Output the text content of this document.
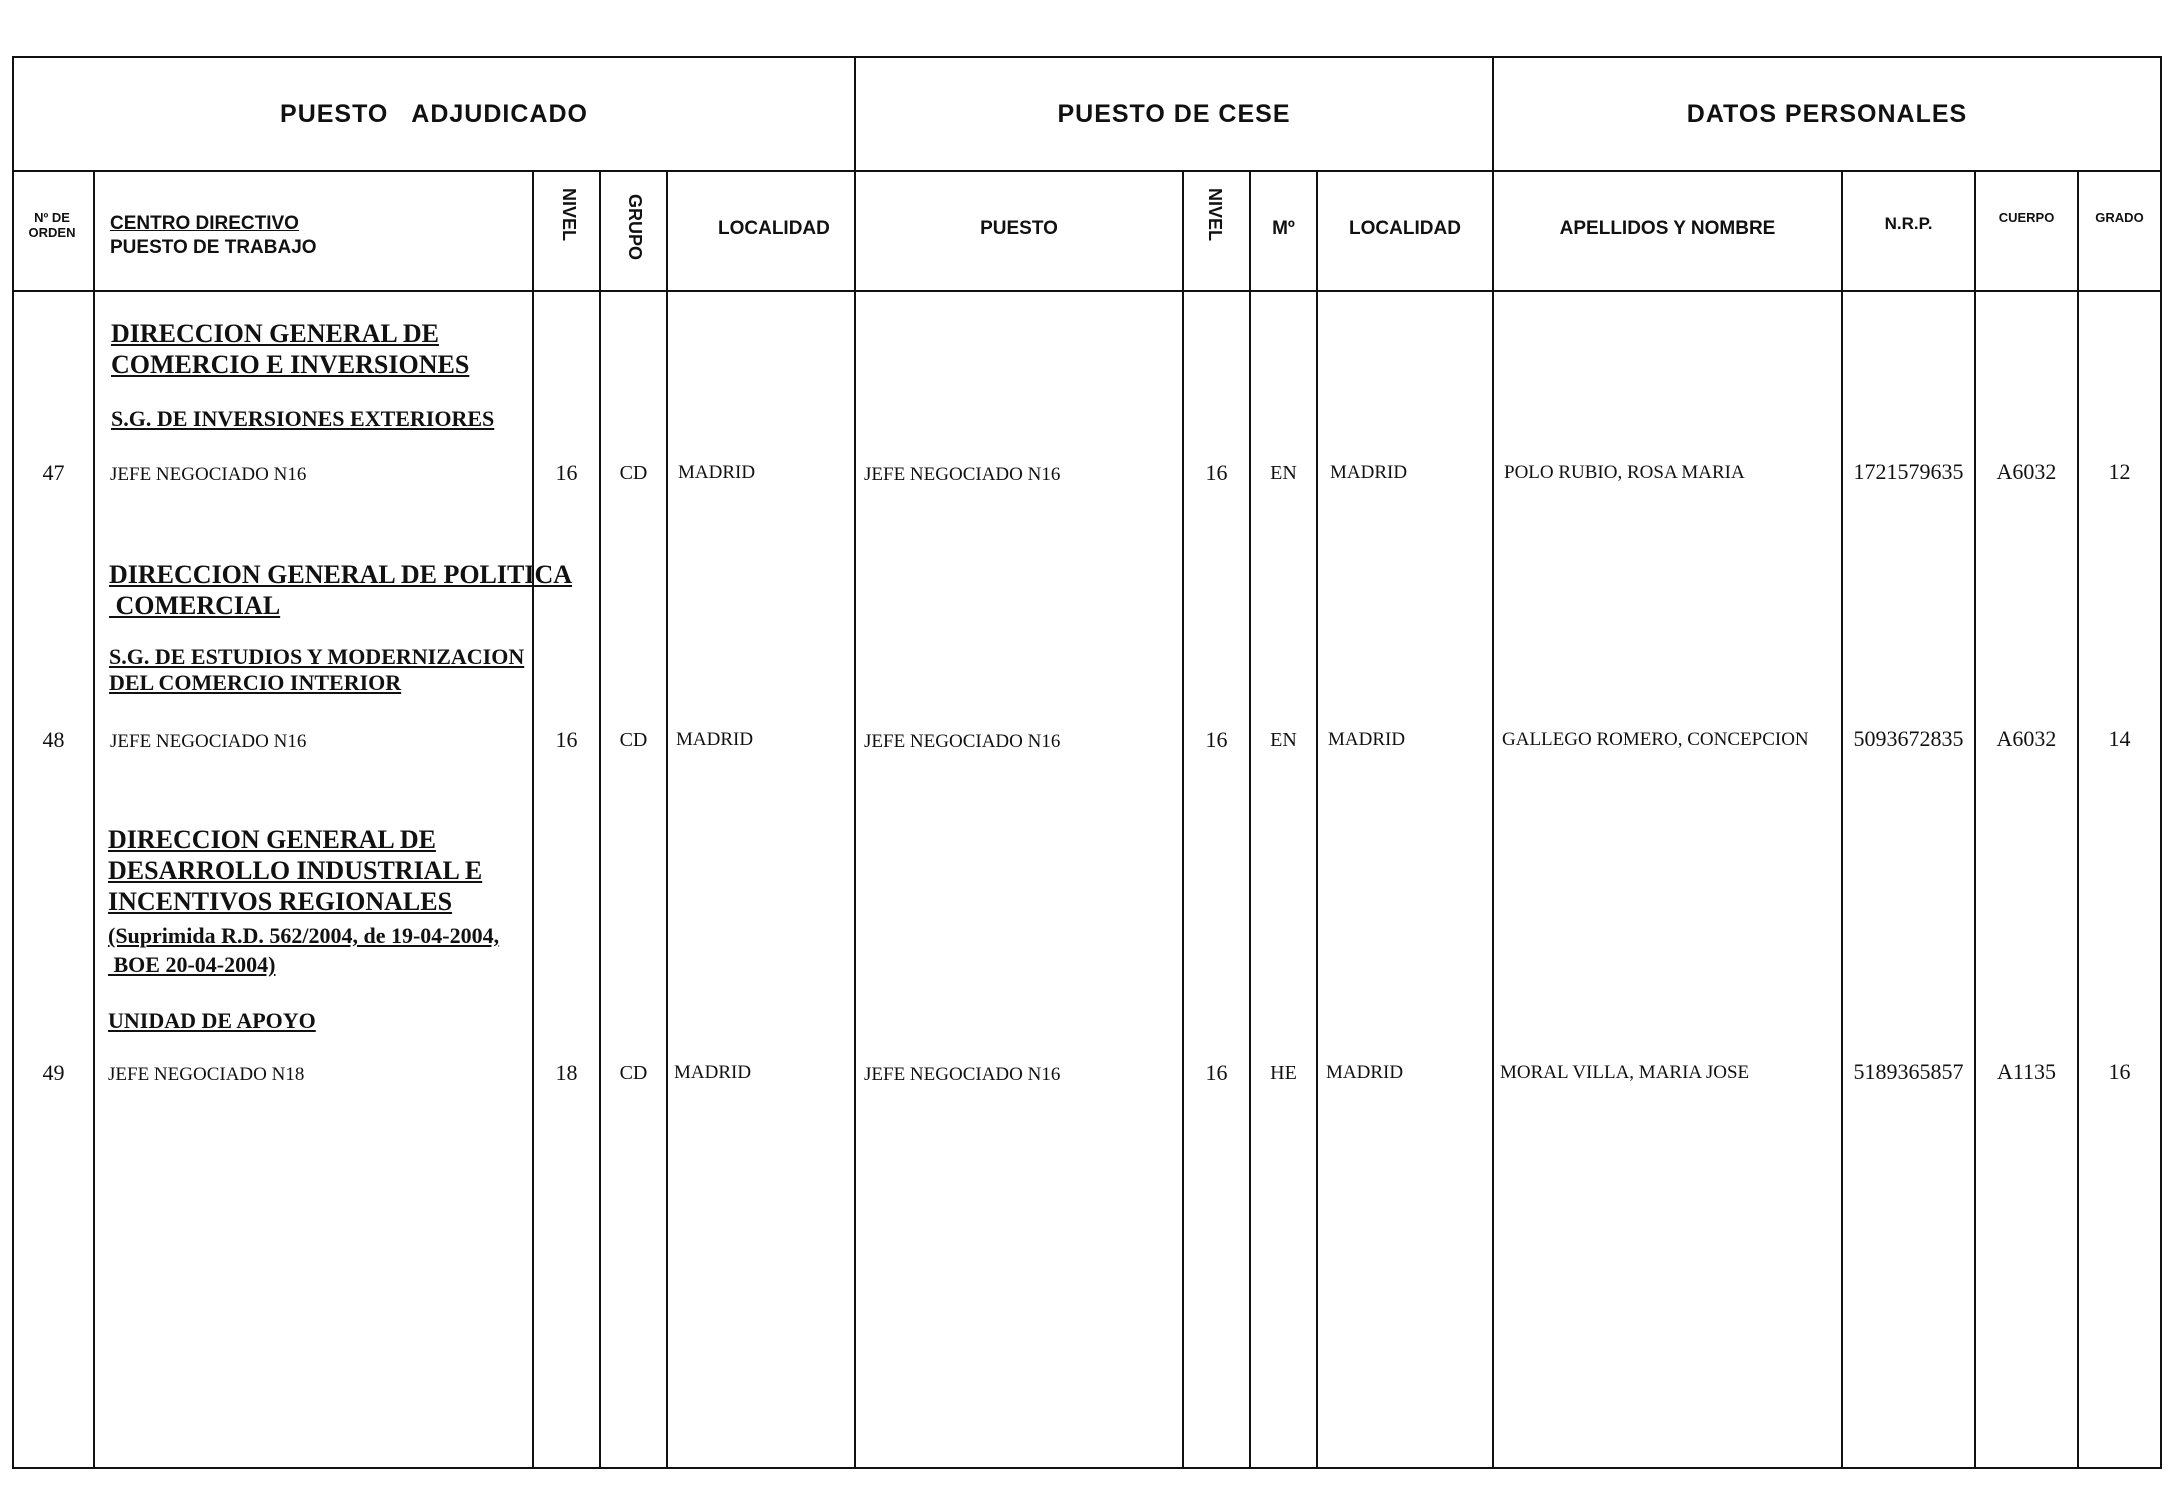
PUESTO   ADJUDICADO	PUESTO DE CESE	DATOS PERSONALES
Nº DE ORDEN	CENTRO DIRECTIVO
PUESTO DE TRABAJO
NIVEL	GRUPO	LOCALIDAD	PUESTO	NIVEL	Mº	LOCALIDAD	APELLIDOS Y NOMBRE	N.R.P.	CUERPO	GRADO
DIRECCION GENERAL DE
COMERCIO E INVERSIONES
S.G. DE INVERSIONES EXTERIORES
47	JEFE NEGOCIADO N16	16	CD	MADRID	JEFE NEGOCIADO N16	16	EN	MADRID	POLO RUBIO, ROSA MARIA	1721579635	A6032	12
DIRECCION GENERAL DE POLITICA
COMERCIAL
S.G. DE ESTUDIOS Y MODERNIZACION
DEL COMERCIO INTERIOR
48	JEFE NEGOCIADO N16	16	CD	MADRID	JEFE NEGOCIADO N16	16	EN	MADRID	GALLEGO ROMERO, CONCEPCION	5093672835	A6032	14
DIRECCION GENERAL DE
DESARROLLO INDUSTRIAL E
INCENTIVOS REGIONALES
(Suprimida R.D. 562/2004, de 19-04-2004,
BOE 20-04-2004)
UNIDAD DE APOYO
49	JEFE NEGOCIADO N18	18	CD	MADRID	JEFE NEGOCIADO N16	16	HE	MADRID	MORAL VILLA, MARIA JOSE	5189365857	A1135	16
